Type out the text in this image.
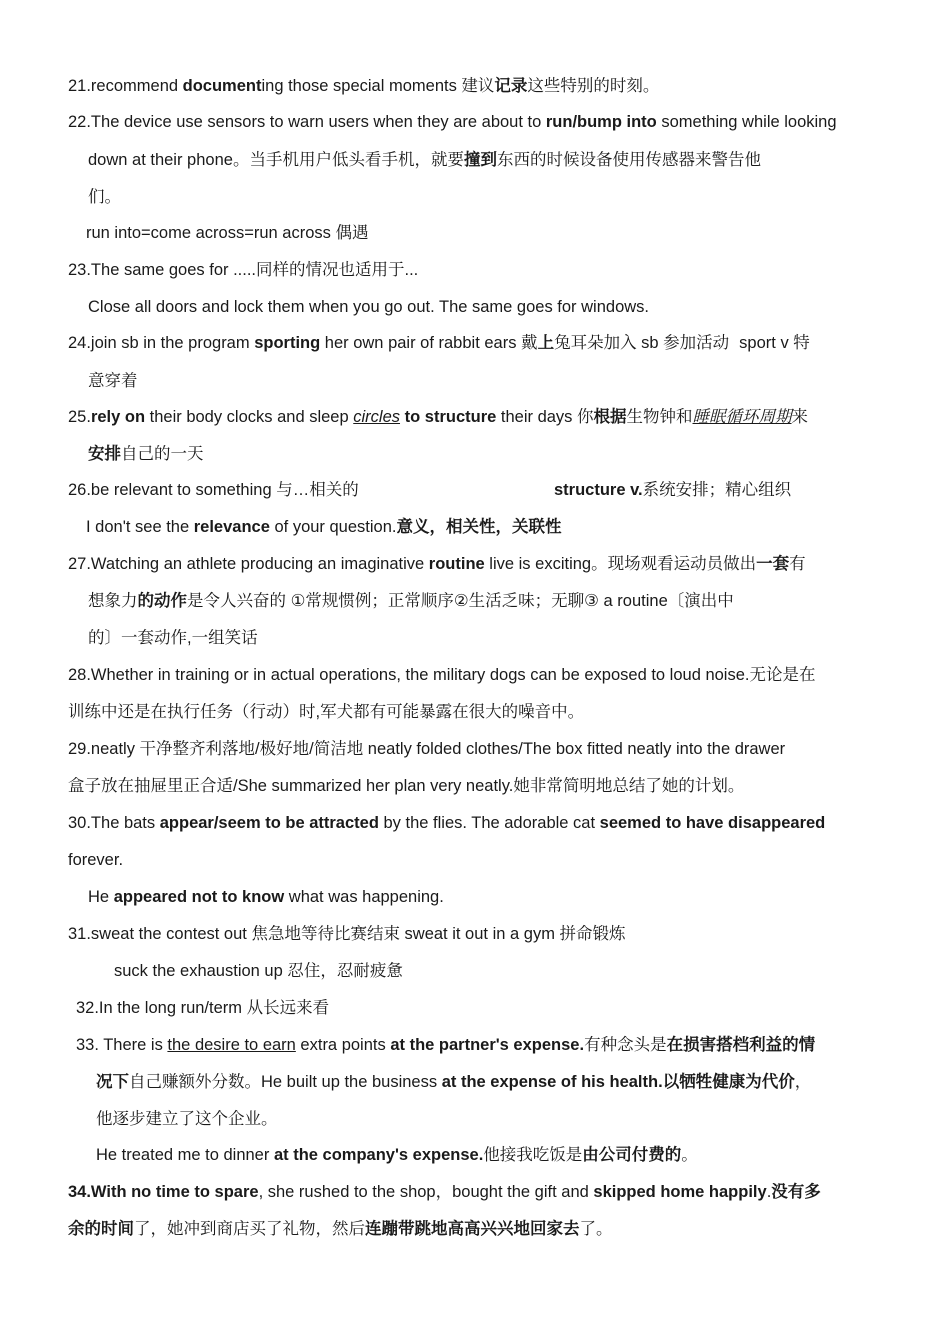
21.recommend documenting those special moments 建议记录这些特别的时刻。
22.The device use sensors to warn users when they are about to run/bump into something while looking
down at their phone。当手机用户低头看手机，就要撞到东西的时候设备使用传感器来警告他
们。
run into=come across=run across 偶遇
23.The same goes for .....同样的情况也适用于...
Close all doors and lock them when you go out. The same goes for windows.
24.join sb in the program sporting her own pair of rabbit ears 戴上兔耳朵加入 sb 参加活动 sport v 特
意穿着
25.rely on their body clocks and sleep circles to structure their days 你根据生物钟和睡眠循环周期来
安排自己的一天
26.be relevant to something 与…相关的	structure v.系统安排；精心组织
I don't see the relevance of your question.意义，相关性，关联性
27.Watching an athlete producing an imaginative routine live is exciting。现场观看运动员做出一套有
想象力的动作是令人兴奋的 ①常规惯例；正常顺序②生活乏味；无聊③ a routine〔演出中
的〕一套动作,一组笑话
28.Whether in training or in actual operations, the military dogs can be exposed to loud noise.无论是在
训练中还是在执行任务（行动）时,军犬都有可能暴露在很大的噪音中。
29.neatly 干净整齐利落地/极好地/简洁地 neatly folded clothes/The box fitted neatly into the drawer
盒子放在抽屉里正合适/She summarized her plan very neatly.她非常简明地总结了她的计划。
30.The bats appear/seem to be attracted by the flies. The adorable cat seemed to have disappeared
forever.
He appeared not to know what was happening.
31.sweat the contest out 焦急地等待比赛结束 sweat it out in a gym 拼命锻炼
suck the exhaustion up 忍住，忍耐疲惫
32.In the long run/term 从长远来看
33. There is the desire to earn extra points at the partner's expense.有种念头是在损害搭档利益的情
况下自己赚额外分数。He built up the business at the expense of his health.以牺牲健康为代价，
他逐步建立了这个企业。
He treated me to dinner at the company's expense.他接我吃饭是由公司付费的。
34.With no time to spare, she rushed to the shop，bought the gift and skipped home happily.没有多
余的时间了，她冲到商店买了礼物，然后连蹦带跳地高高兴兴地回家去了。
